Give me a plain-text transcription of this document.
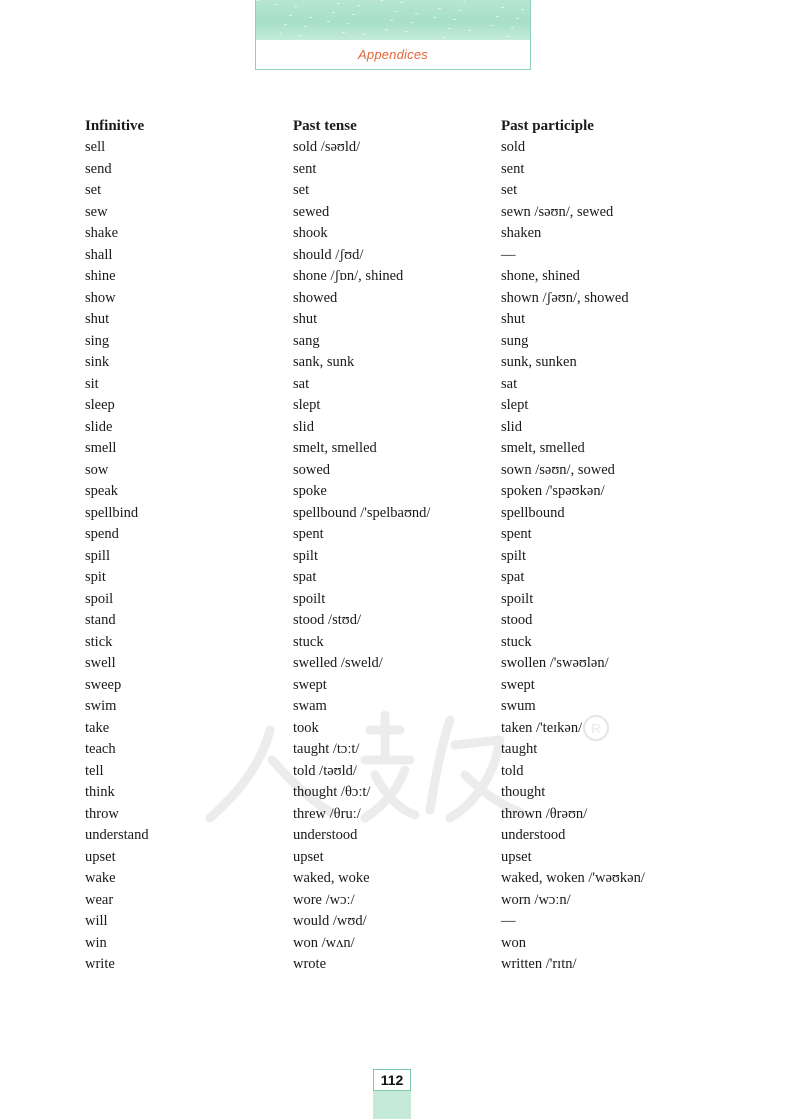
Appendices
R
Infinitive	Past tense	Past participle
sell	sold /səʊld/	sold
send	sent	sent
set	set	set
sew	sewed	sewn /səʊn/, sewed
shake	shook	shaken
shall	should /ʃʊd/	—
shine	shone /ʃɒn/, shined	shone, shined
show	showed	shown /ʃəʊn/, showed
shut	shut	shut
sing	sang	sung
sink	sank, sunk	sunk, sunken
sit	sat	sat
sleep	slept	slept
slide	slid	slid
smell	smelt, smelled	smelt, smelled
sow	sowed	sown /səʊn/, sowed
speak	spoke	spoken /'spəʊkən/
spellbind	spellbound /'spelbaʊnd/	spellbound
spend	spent	spent
spill	spilt	spilt
spit	spat	spat
spoil	spoilt	spoilt
stand	stood /stʊd/	stood
stick	stuck	stuck
swell	swelled /sweld/	swollen /'swəʊlən/
sweep	swept	swept
swim	swam	swum
take	took	taken /'teɪkən/
teach	taught /tɔːt/	taught
tell	told /təʊld/	told
think	thought /θɔːt/	thought
throw	threw /θruː/	thrown /θrəʊn/
understand	understood	understood
upset	upset	upset
wake	waked, woke	waked, woken /'wəʊkən/
wear	wore /wɔː/	worn /wɔːn/
will	would /wʊd/	—
win	won /wʌn/	won
write	wrote	written /'rɪtn/
112
